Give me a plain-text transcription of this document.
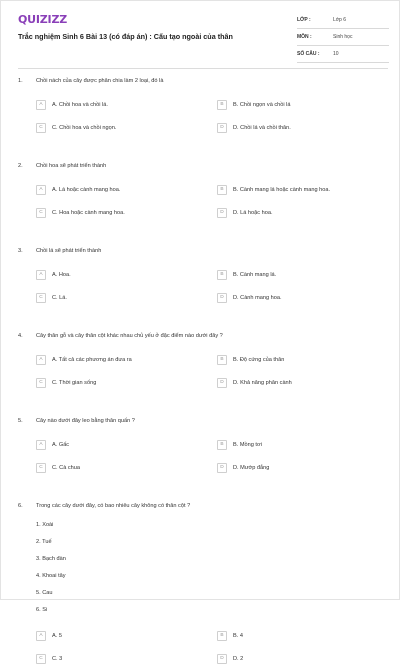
QUIZIZZ
Trắc nghiệm Sinh 6 Bài 13 (có đáp án) : Cấu tạo ngoài của thân
LỚP :	Lớp 6
MÔN :	Sinh học
SỐ CÂU :	10
1.	Chồi nách của cây được phân chia làm 2 loại, đó là
A	A. Chồi hoa và chồi lá.	B	B. Chồi ngọn và chồi lá
C	C. Chồi hoa và chồi ngọn.	D	D. Chồi lá và chồi thân.
2.	Chồi hoa sẽ phát triển thành
A	A. Lá hoặc cành mang hoa.	B	B. Cành mang lá hoặc cành mang hoa.
C	C. Hoa hoặc cành mang hoa.	D	D. Lá hoặc hoa.
3.	Chồi lá sẽ phát triển thành
A	A. Hoa.	B	B. Cành mang lá.
C	C. Lá.	D	D. Cành mang hoa.
4.	Cây thân gỗ và cây thân cột khác nhau chủ yếu ở đặc điểm nào dưới đây ?
A	A. Tất cả các phương án đưa ra	B	B. Độ cứng của thân
C	C. Thời gian sống	D	D. Khả năng phân cành
5.	Cây nào dưới đây leo bằng thân quấn ?
A	A. Gấc	B	B. Mồng tơi
C	C. Cà chua	D	D. Mướp đắng
6.	Trong các cây dưới đây, có bao nhiêu cây không có thân cột ?
1. Xoài
2. Tuế
3. Bạch đàn
4. Khoai tây
5. Cau
6. Si
A	A. 5	B	B. 4
C	C. 3	D	D. 2
